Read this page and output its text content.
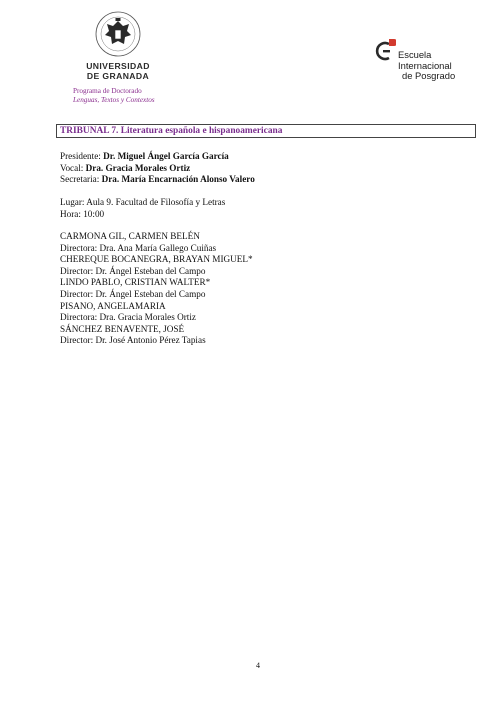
UNIVERSIDAD
DE GRANADA
Programa de Doctorado
Lenguas, Textos y Contextos
Escuela
Internacional
de Posgrado
TRIBUNAL 7. Literatura española e hispanoamericana
Presidente: Dr. Miguel Ángel García García
Vocal: Dra. Gracia Morales Ortiz
Secretaria: Dra. María Encarnación Alonso Valero
Lugar: Aula 9. Facultad de Filosofía y Letras
Hora: 10:00
CARMONA GIL, CARMEN BELÉN
Directora: Dra. Ana María Gallego Cuiñas
CHEREQUE BOCANEGRA, BRAYAN MIGUEL*
Director: Dr. Ángel Esteban del Campo
LINDO PABLO, CRISTIAN WALTER*
Director: Dr. Ángel Esteban del Campo
PISANO, ANGELAMARIA
Directora: Dra. Gracia Morales Ortiz
SÁNCHEZ BENAVENTE, JOSÉ
Director: Dr. José Antonio Pérez Tapias
4
